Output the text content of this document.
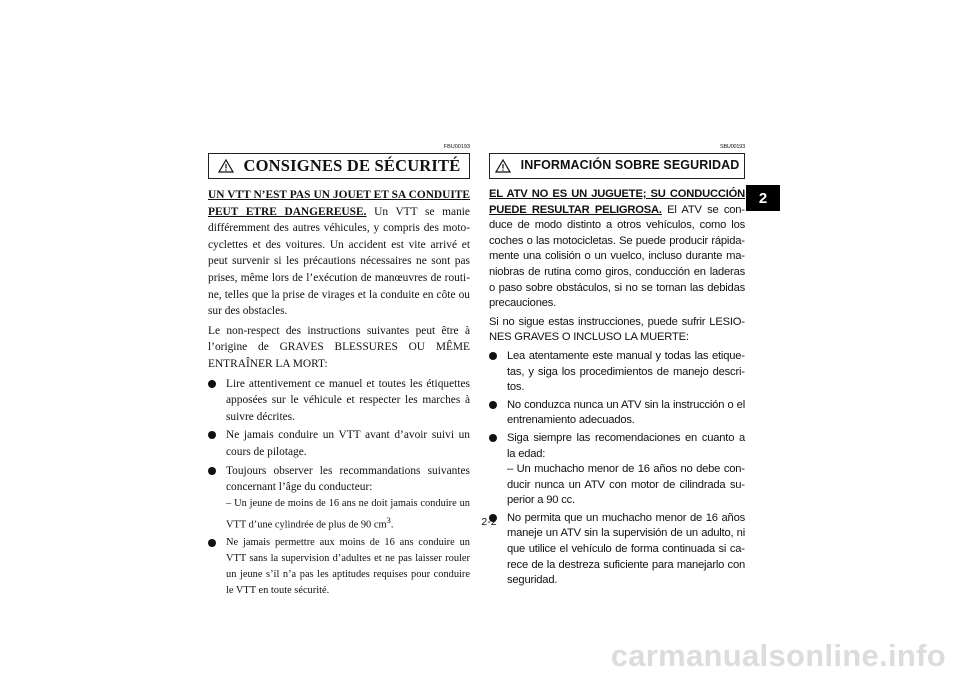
FBU00193
CONSIGNES DE SÉCURITÉ

UN VTT N’EST PAS UN JOUET ET SA CONDUITE PEUT ETRE DANGEREUSE. Un VTT se manie différemment des autres véhicules, y compris des motocyclettes et des voitures. Un accident est vite arrivé et peut survenir si les précautions nécessaires ne sont pas prises, même lors de l’exécution de manœuvres de routine, telles que la prise de virages et la conduite en côte ou sur des obstacles.

Le non-respect des instructions suivantes peut être à l’origine de GRAVES BLESSURES OU MÊME ENTRAÎNER LA MORT:

Lire attentivement ce manuel et toutes les étiquettes apposées sur le véhicule et respecter les marches à suivre décrites.
Ne jamais conduire un VTT avant d’avoir suivi un cours de pilotage.
Toujours observer les recommandations suivantes concernant l’âge du conducteur:
– Un jeune de moins de 16 ans ne doit jamais conduire un VTT d’une cylindrée de plus de 90 $cm^3$.
Ne jamais permettre aux moins de 16 ans conduire un VTT sans la supervision d’adultes et ne pas laisser rouler un jeune s’il n’a pas les aptitudes requises pour conduire le VTT en toute sécurité.
SBU00193
INFORMACIÓN SOBRE SEGURIDAD

EL ATV NO ES UN JUGUETE; SU CONDUCCIÓN PUEDE RESULTAR PELIGROSA. El ATV se conduce de modo distinto a otros vehículos, como los coches o las motocicletas. Se puede producir rápidamente una colisión o un vuelco, incluso durante maniobras de rutina como giros, conducción en laderas o paso sobre obstáculos, si no se toman las debidas precauciones.

Si no sigue estas instrucciones, puede sufrir LESIONES GRAVES O INCLUSO LA MUERTE:

Lea atentamente este manual y todas las etiquetas, y siga los procedimientos de manejo descritos.
No conduzca nunca un ATV sin la instrucción o el entrenamiento adecuados.
Siga siempre las recomendaciones en cuanto a la edad:
– Un muchacho menor de 16 años no debe conducir nunca un ATV con motor de cilindrada superior a 90 cc.
No permita que un muchacho menor de 16 años maneje un ATV sin la supervisión de un adulto, ni que utilice el vehículo de forma continuada si carece de la destreza suficiente para manejarlo con seguridad.
2-2
2
carmanualsonline.info
